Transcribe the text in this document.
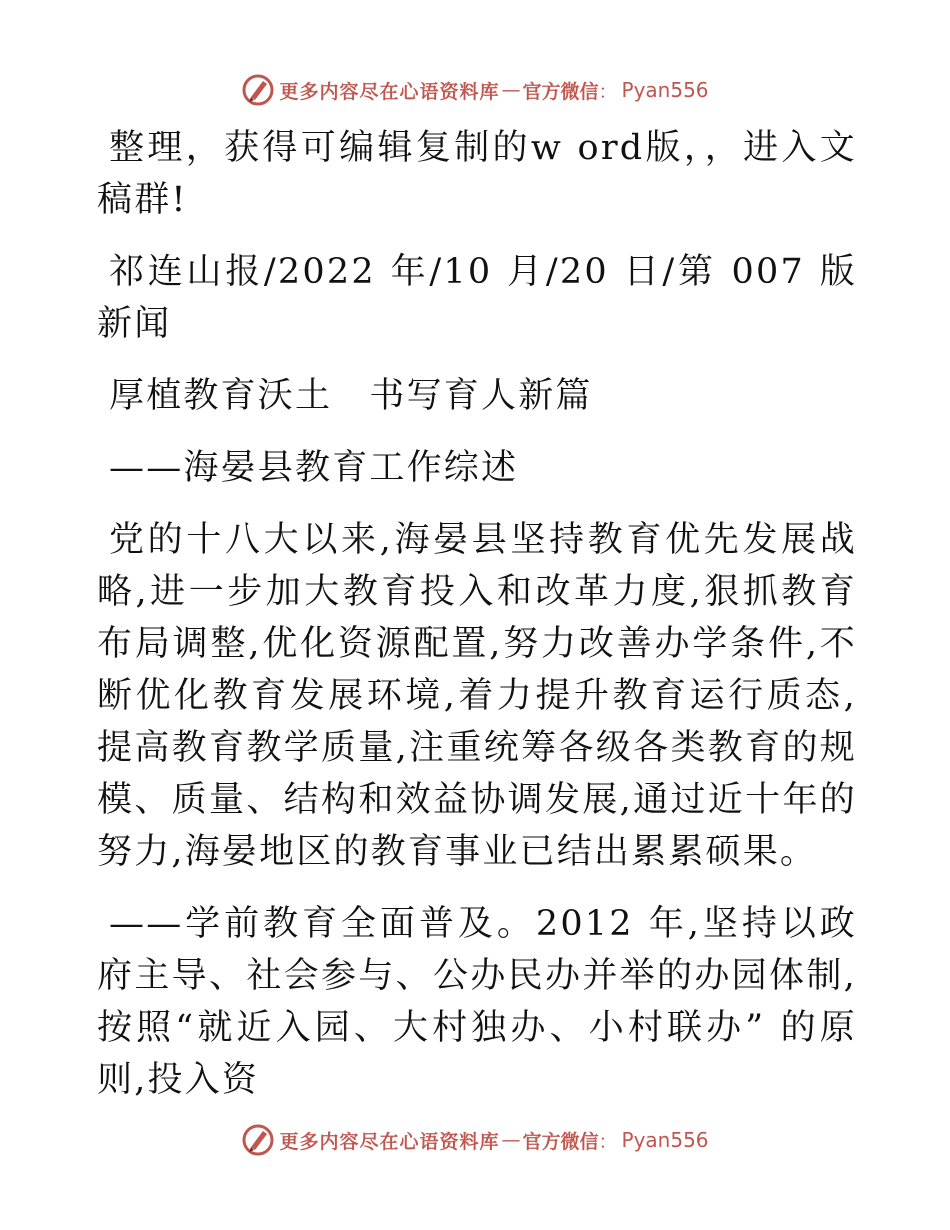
更多内容尽在心语资料库 — 官方微信 ： Pyan556

整理，获得可编辑复制的w ord版，，进入文稿群!

祁连山报/2022 年/10 月/20 日/第 007 版新闻

厚植教育沃土　书写育人新篇

——海晏县教育工作综述

党的十八大以来,海晏县坚持教育优先发展战略,进一步加大教育投入和改革力度,狠抓教育布局调整,优化资源配置,努力改善办学条件,不断优化教育发展环境,着力提升教育运行质态,提高教育教学质量,注重统筹各级各类教育的规模、质量、结构和效益协调发展,通过近十年的努力,海晏地区的教育事业已结出累累硕果。

——学前教育全面普及。2012 年,坚持以政府主导、社会参与、公办民办并举的办园体制,按照“就近入园、大村独办、小村联办” 的原则,投入资

更多内容尽在心语资料库 — 官方微信 ： Pyan556
